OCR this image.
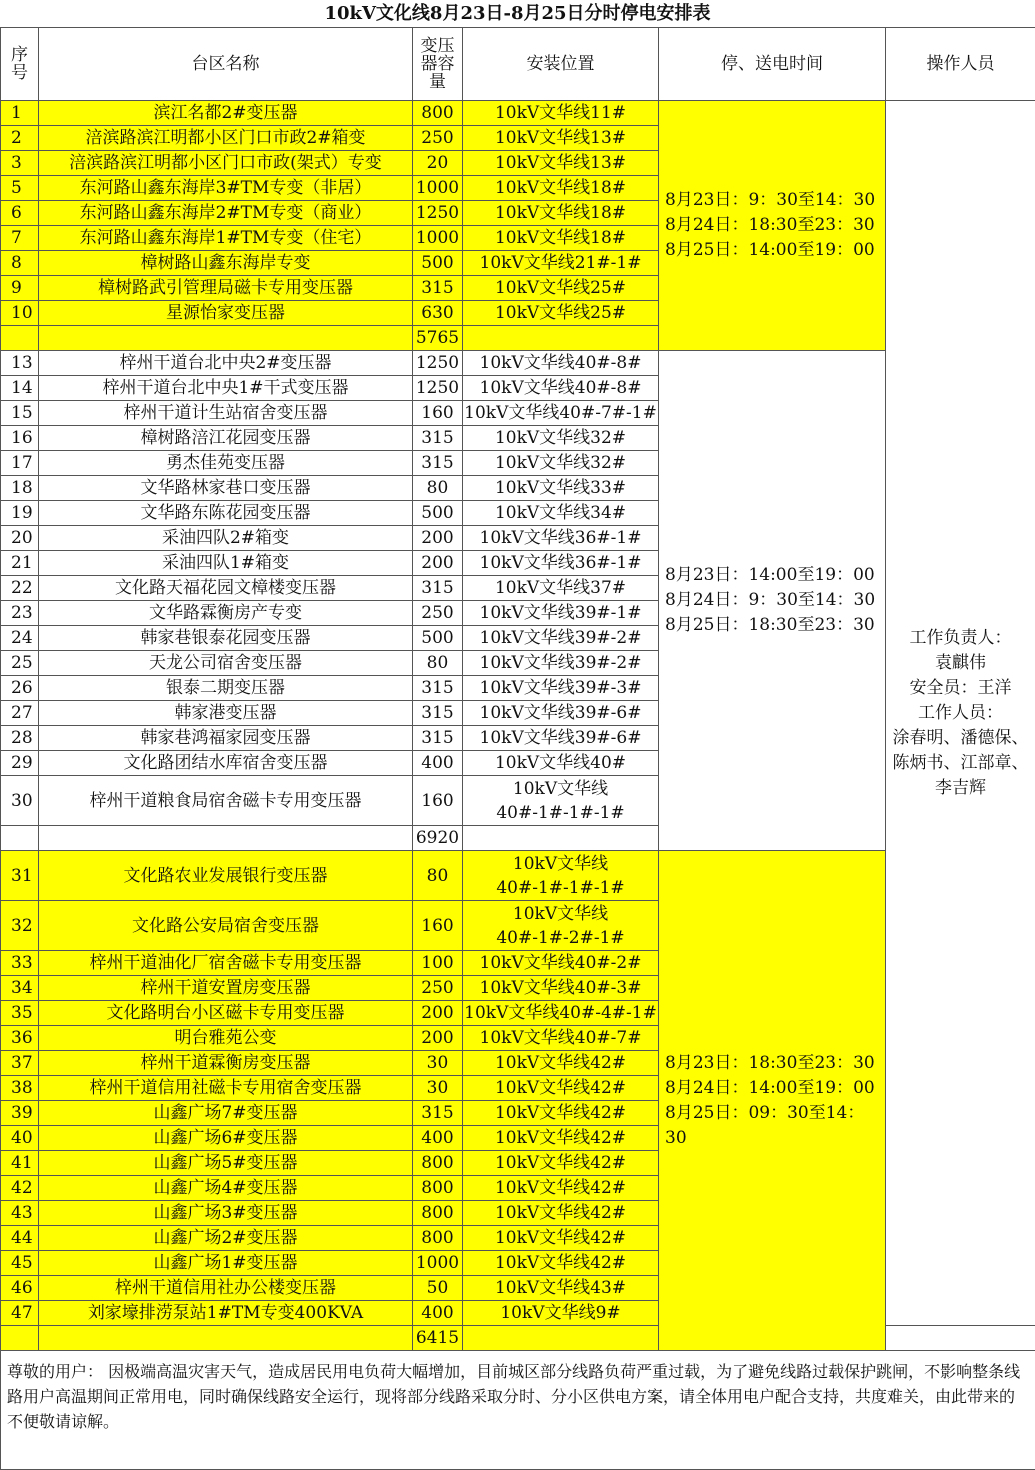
10kV文化线8月23日-8月25日分时停电安排表
序号	台区名称	变压器容量	安装位置	停、送电时间	操作人员
1	滨江名都2#变压器	800	10kV文华线11#	8月23日：9：30至14：30
8月24日：18:30至23：30
8月25日：14:00至19：00	工作负责人：
袁麒伟
安全员：王洋
工作人员：
涂春明、潘德保、陈炳书、江部章、李吉辉

2	涪滨路滨江明都小区门口市政2#箱变	250	10kV文华线13#		
3	涪滨路滨江明都小区门口市政(架式）专变	20	10kV文华线13#		
5	东河路山鑫东海岸3#TM专变（非居）	1000	10kV文华线18#		
6	东河路山鑫东海岸2#TM专变（商业）	1250	10kV文华线18#		
7	东河路山鑫东海岸1#TM专变（住宅）	1000	10kV文华线18#		
8	樟树路山鑫东海岸专变	500	10kV文华线21#-1#		
9	樟树路武引管理局磁卡专用变压器	315	10kV文华线25#		
10	星源怡家变压器	630	10kV文华线25#		
		5765			
13	梓州干道台北中央2#变压器	1250	10kV文华线40#-8#	8月23日：14:00至19：00
8月24日：9：30至14：30
8月25日：18:30至23：30	

14	梓州干道台北中央1#干式变压器	1250	10kV文华线40#-8#		
15	梓州干道计生站宿舍变压器	160	10kV文华线40#-7#-1#		
16	樟树路涪江花园变压器	315	10kV文华线32#		
17	勇杰佳苑变压器	315	10kV文华线32#		
18	文华路林家巷口变压器	80	10kV文华线33#		
19	文华路东陈花园变压器	500	10kV文华线34#		
20	采油四队2#箱变	200	10kV文华线36#-1#		
21	采油四队1#箱变	200	10kV文华线36#-1#		
22	文化路天福花园文樟楼变压器	315	10kV文华线37#		
23	文华路霖衡房产专变	250	10kV文华线39#-1#		
24	韩家巷银泰花园变压器	500	10kV文华线39#-2#		
25	天龙公司宿舍变压器	80	10kV文华线39#-2#		
26	银泰二期变压器	315	10kV文华线39#-3#		
27	韩家港变压器	315	10kV文华线39#-6#		
28	韩家巷鸿福家园变压器	315	10kV文华线39#-6#		
29	文化路团结水库宿舍变压器	400	10kV文华线40#		
30	梓州干道粮食局宿舍磁卡专用变压器	160	10kV文华线40#-1#-1#-1#		
		6920			
31	文化路农业发展银行变压器	80	10kV文华线40#-1#-1#-1#	8月23日：18:30至23：30
8月24日：14:00至19：00
8月25日：09：30至14：30	

32	文化路公安局宿舍变压器	160	10kV文华线40#-1#-2#-1#		
33	梓州干道油化厂宿舍磁卡专用变压器	100	10kV文华线40#-2#		
34	梓州干道安置房变压器	250	10kV文华线40#-3#		
35	文化路明台小区磁卡专用变压器	200	10kV文华线40#-4#-1#		
36	明台雅苑公变	200	10kV文华线40#-7#		
37	梓州干道霖衡房变压器	30	10kV文华线42#		
38	梓州干道信用社磁卡专用宿舍变压器	30	10kV文华线42#		
39	山鑫广场7#变压器	315	10kV文华线42#		
40	山鑫广场6#变压器	400	10kV文华线42#		
41	山鑫广场5#变压器	800	10kV文华线42#		
42	山鑫广场4#变压器	800	10kV文华线42#		
43	山鑫广场3#变压器	800	10kV文华线42#		
44	山鑫广场2#变压器	800	10kV文华线42#		
45	山鑫广场1#变压器	1000	10kV文华线42#		
46	梓州干道信用社办公楼变压器	50	10kV文华线43#		
47	刘家壕排涝泵站1#TM专变400KVA	400	10kV文华线9#		
		6415			
尊敬的用户： 因极端高温灾害天气，造成居民用电负荷大幅增加，目前城区部分线路负荷严重过载，为了避免线路过载保护跳闸，不影响整条线路用户高温期间正常用电，同时确保线路安全运行，现将部分线路采取分时、分小区供电方案，请全体用电户配合支持，共度难关，由此带来的不便敬请谅解。					
